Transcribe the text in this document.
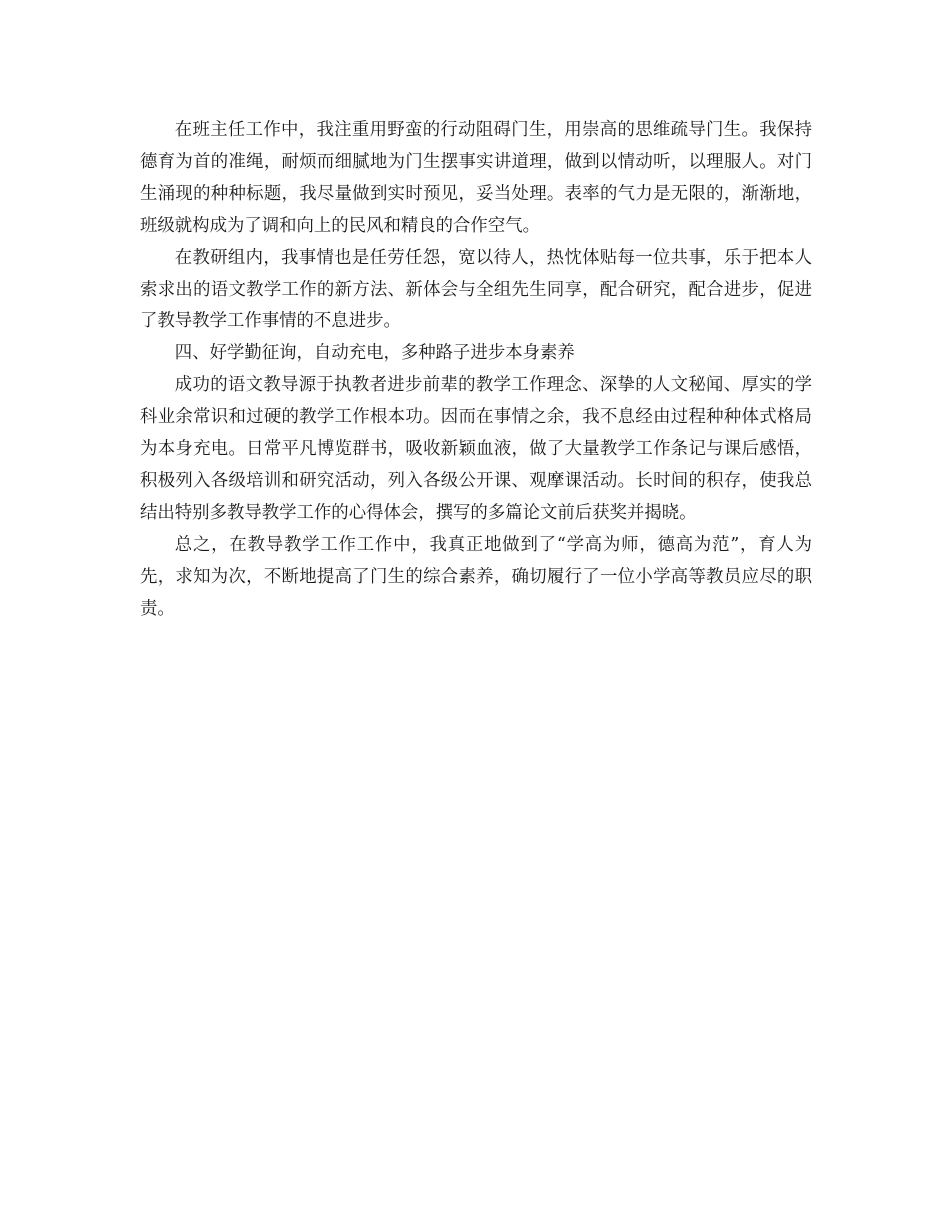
在班主任工作中，我注重用野蛮的行动阻碍门生，用崇高的思维疏导门生。我保持德育为首的准绳，耐烦而细腻地为门生摆事实讲道理，做到以情动听，以理服人。对门生涌现的种种标题，我尽量做到实时预见，妥当处理。表率的气力是无限的，渐渐地，班级就构成为了调和向上的民风和精良的合作空气。

在教研组内，我事情也是任劳任怨，宽以待人，热忱体贴每一位共事，乐于把本人索求出的语文教学工作的新方法、新体会与全组先生同享，配合研究，配合进步，促进了教导教学工作事情的不息进步。

四、好学勤征询，自动充电，多种路子进步本身素养

成功的语文教导源于执教者进步前辈的教学工作理念、深挚的人文秘闻、厚实的学科业余常识和过硬的教学工作根本功。因而在事情之余，我不息经由过程种种体式格局为本身充电。日常平凡博览群书，吸收新颖血液，做了大量教学工作条记与课后感悟，积极列入各级培训和研究活动，列入各级公开课、观摩课活动。长时间的积存，使我总结出特别多教导教学工作的心得体会，撰写的多篇论文前后获奖并揭晓。

总之，在教导教学工作工作中，我真正地做到了“学高为师，德高为范”，育人为先，求知为次，不断地提高了门生的综合素养，确切履行了一位小学高等教员应尽的职责。
